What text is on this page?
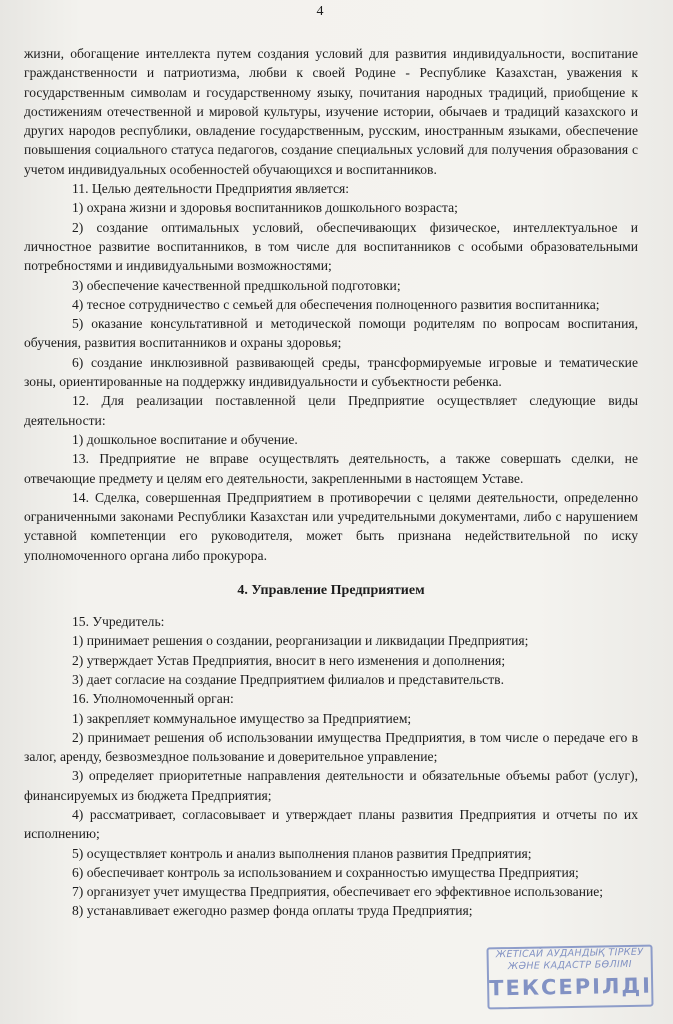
4

жизни, обогащение интеллекта путем создания условий для развития индивидуальности, воспитание гражданственности и патриотизма, любви к своей Родине - Республике Казахстан, уважения к государственным символам и государственному языку, почитания народных традиций, приобщение к достижениям отечественной и мировой культуры, изучение истории, обычаев и традиций казахского и других народов республики, овладение государственным, русским, иностранным языками, обеспечение повышения социального статуса педагогов, создание специальных условий для получения образования с учетом индивидуальных особенностей обучающихся и воспитанников.

11. Целью деятельности Предприятия является:

1) охрана жизни и здоровья воспитанников дошкольного возраста;

2) создание оптимальных условий, обеспечивающих физическое, интеллектуальное и личностное развитие воспитанников, в том числе для воспитанников с особыми образовательными потребностями и индивидуальными возможностями;

3) обеспечение качественной предшкольной подготовки;

4) тесное сотрудничество с семьей для обеспечения полноценного развития воспитанника;

5) оказание консультативной и методической помощи родителям по вопросам воспитания, обучения, развития воспитанников и охраны здоровья;

6) создание инклюзивной развивающей среды, трансформируемые игровые и тематические зоны, ориентированные на поддержку индивидуальности и субъектности ребенка.

12. Для реализации поставленной цели Предприятие осуществляет следующие виды деятельности:

1) дошкольное воспитание и обучение.

13. Предприятие не вправе осуществлять деятельность, а также совершать сделки, не отвечающие предмету и целям его деятельности, закрепленными в настоящем Уставе.

14. Сделка, совершенная Предприятием в противоречии с целями деятельности, определенно ограниченными законами Республики Казахстан или учредительными документами, либо с нарушением уставной компетенции его руководителя, может быть признана недействительной по иску уполномоченного органа либо прокурора.

4. Управление Предприятием

15. Учредитель:

1) принимает решения о создании, реорганизации и ликвидации Предприятия;

2) утверждает Устав Предприятия, вносит в него изменения и дополнения;

3) дает согласие на создание Предприятием филиалов и представительств.

16. Уполномоченный орган:

1) закрепляет коммунальное имущество за Предприятием;

2) принимает решения об использовании имущества Предприятия, в том числе о передаче его в залог, аренду, безвозмездное пользование и доверительное управление;

3) определяет приоритетные направления деятельности и обязательные объемы работ (услуг), финансируемых из бюджета Предприятия;

4) рассматривает, согласовывает и утверждает планы развития Предприятия и отчеты по их исполнению;

5) осуществляет контроль и анализ выполнения планов развития Предприятия;

6) обеспечивает контроль за использованием и сохранностью имущества Предприятия;

7) организует учет имущества Предприятия, обеспечивает его эффективное использование;

8) устанавливает ежегодно размер фонда оплаты труда Предприятия;

ЖЕТІСАЙ АУДАНДЫҚ ТІРКЕУ
ЖӘНЕ КАДАСТР БӨЛІМІ
ТЕКСЕРІЛДІ
